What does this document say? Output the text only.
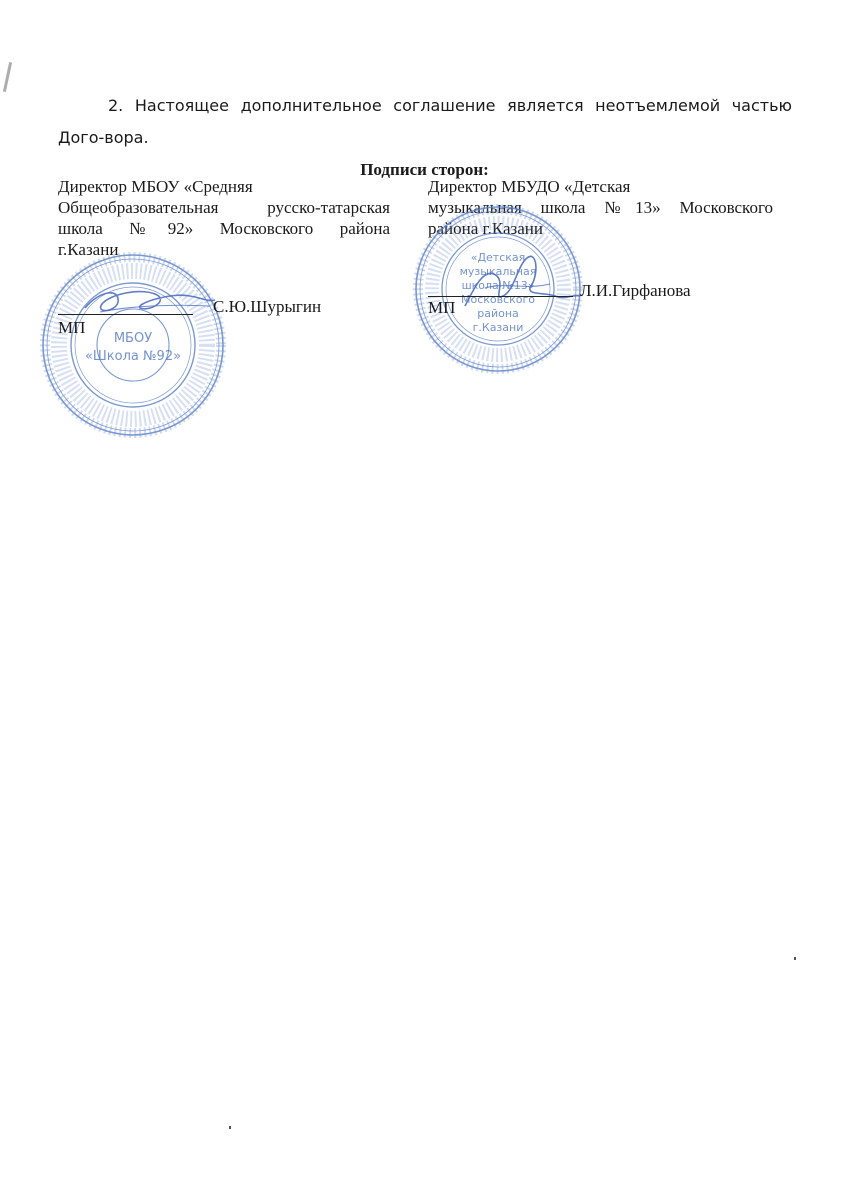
2. Настоящее дополнительное соглашение является неотъемлемой частью Дого-вора.

Подписи сторон:

Директор МБОУ «Средняя
Общеобразовательная русско-татарская
школа №92» Московского района
г.Казани
Директор МБУДО «Детская
музыкальная школа №13» Московского
района г.Казани
МБОУ
«Школа №92»
С.Ю.Шурыгин
МП
«Детская
музыкальная
школа №13»
Московского
района
г.Казани
Л.И.Гирфанова
МП
